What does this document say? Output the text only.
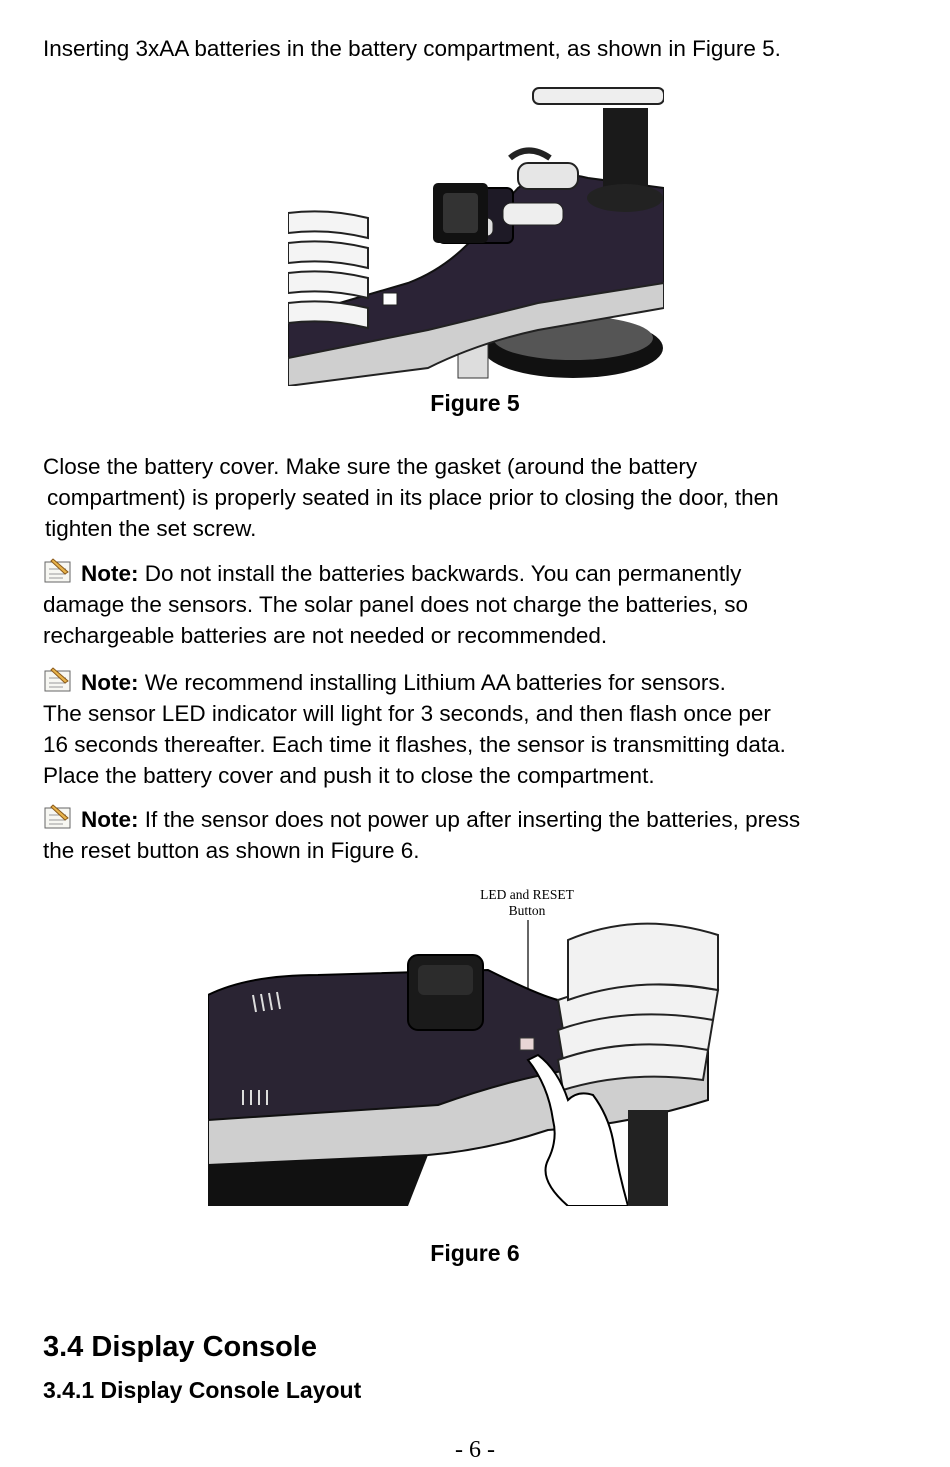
Inserting 3xAA batteries in the battery compartment, as shown in Figure 5.

Figure 5

Close the battery cover. Make sure the gasket (around the battery
compartment) is properly seated in its place prior to closing the door, then
tighten the set screw.

Note: Do not install the batteries backwards. You can permanently
damage the sensors. The solar panel does not charge the batteries, so
rechargeable batteries are not needed or recommended.

Note: We recommend installing Lithium AA batteries for sensors.
The sensor LED indicator will light for 3 seconds, and then flash once per
16 seconds thereafter. Each time it flashes, the sensor is transmitting data.
Place the battery cover and push it to close the compartment.

Note: If the sensor does not power up after inserting the batteries, press
the reset button as shown in Figure 6.

LED and RESET
Button
Figure 6
3.4 Display Console
3.4.1 Display Console Layout
- 6 -
